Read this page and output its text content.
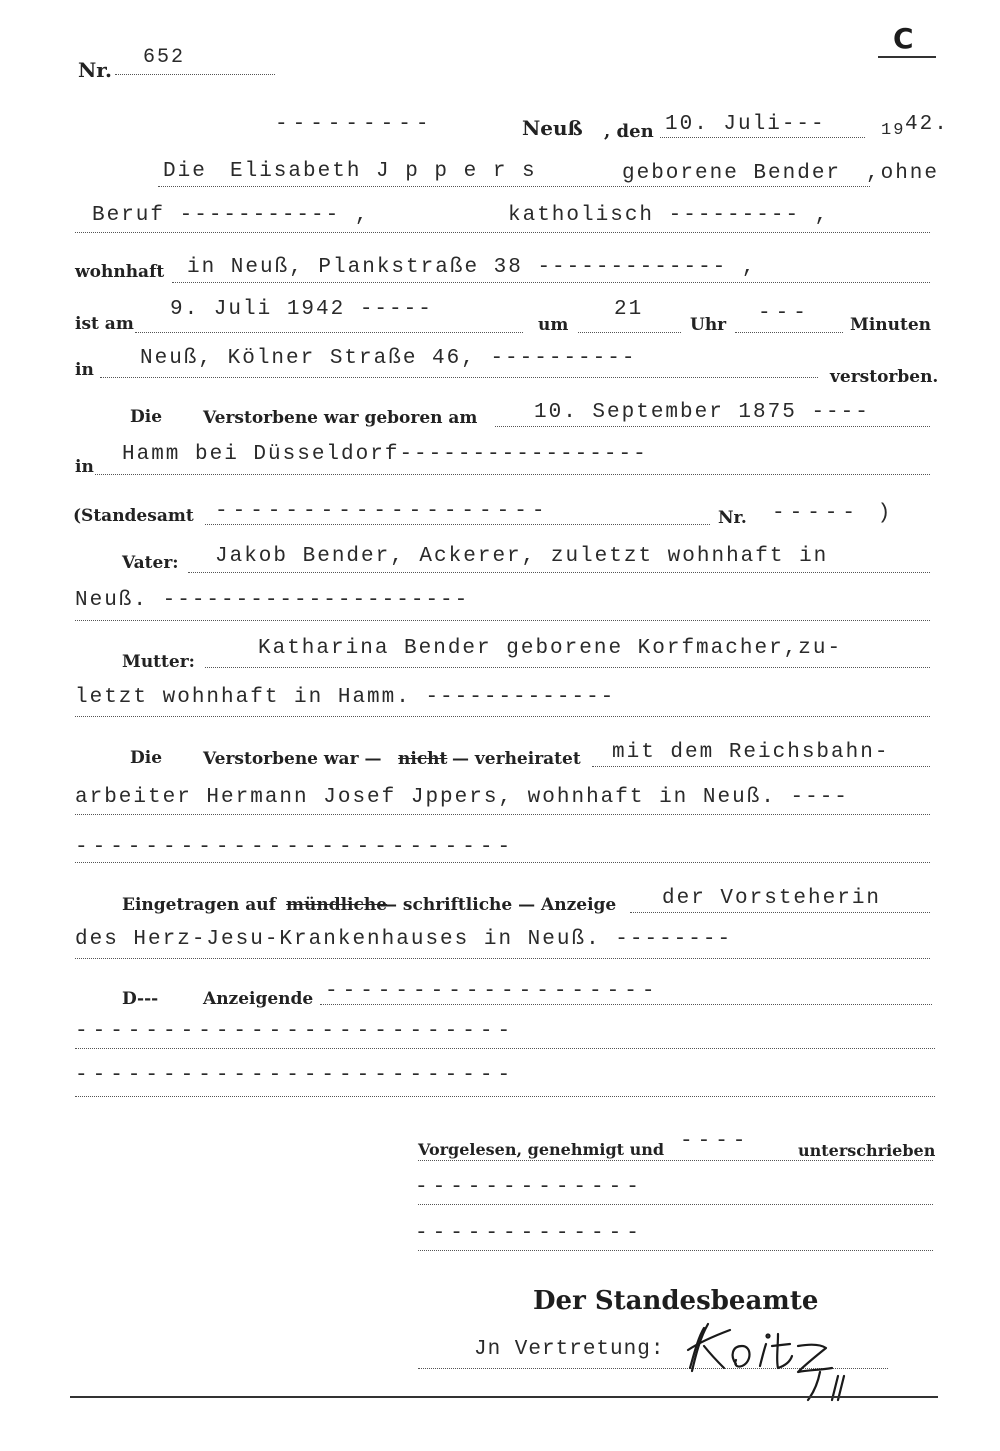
Nr.
652
C
---------	Neuß , den 10. Juli---	19 42.
Die Elisabeth J p p e r s	geborene Bender ,ohne
Beruf ----------- ,	katholisch --------- ,
wohnhaft in Neuß, Plankstraße 38 ------------- ,
ist am
9. Juli 1942 -----
um
21
Uhr --- Minuten
in Neuß, Kölner Straße 46, ----------
verstorben.
Die Verstorbene war geboren am	10. September 1875 ----
in
Hamm bei Düsseldorf-----------------
(Standesamt -------------------	Nr. ----- )
Vater: Jakob Bender, Ackerer, zuletzt wohnhaft in
Neuß. ---------------------
Mutter:
Katharina Bender geborene Korfmacher,zu-
letzt wohnhaft in Hamm. -------------
Die Verstorbene war — nicht — verheiratet mit dem Reichsbahn-
arbeiter Hermann Josef Jppers, wohnhaft in Neuß. ----
-------------------------
Eingetragen auf mündliche
— schriftliche — Anzeige der Vorsteherin
des Herz-Jesu-Krankenhauses in Neuß. --------
D---	Anzeigende -------------------
-------------------------
-------------------------
Vorgelesen, genehmigt und ----	unterschrieben
-------------
-------------
Der Standesbeamte
Jn Vertretung:
